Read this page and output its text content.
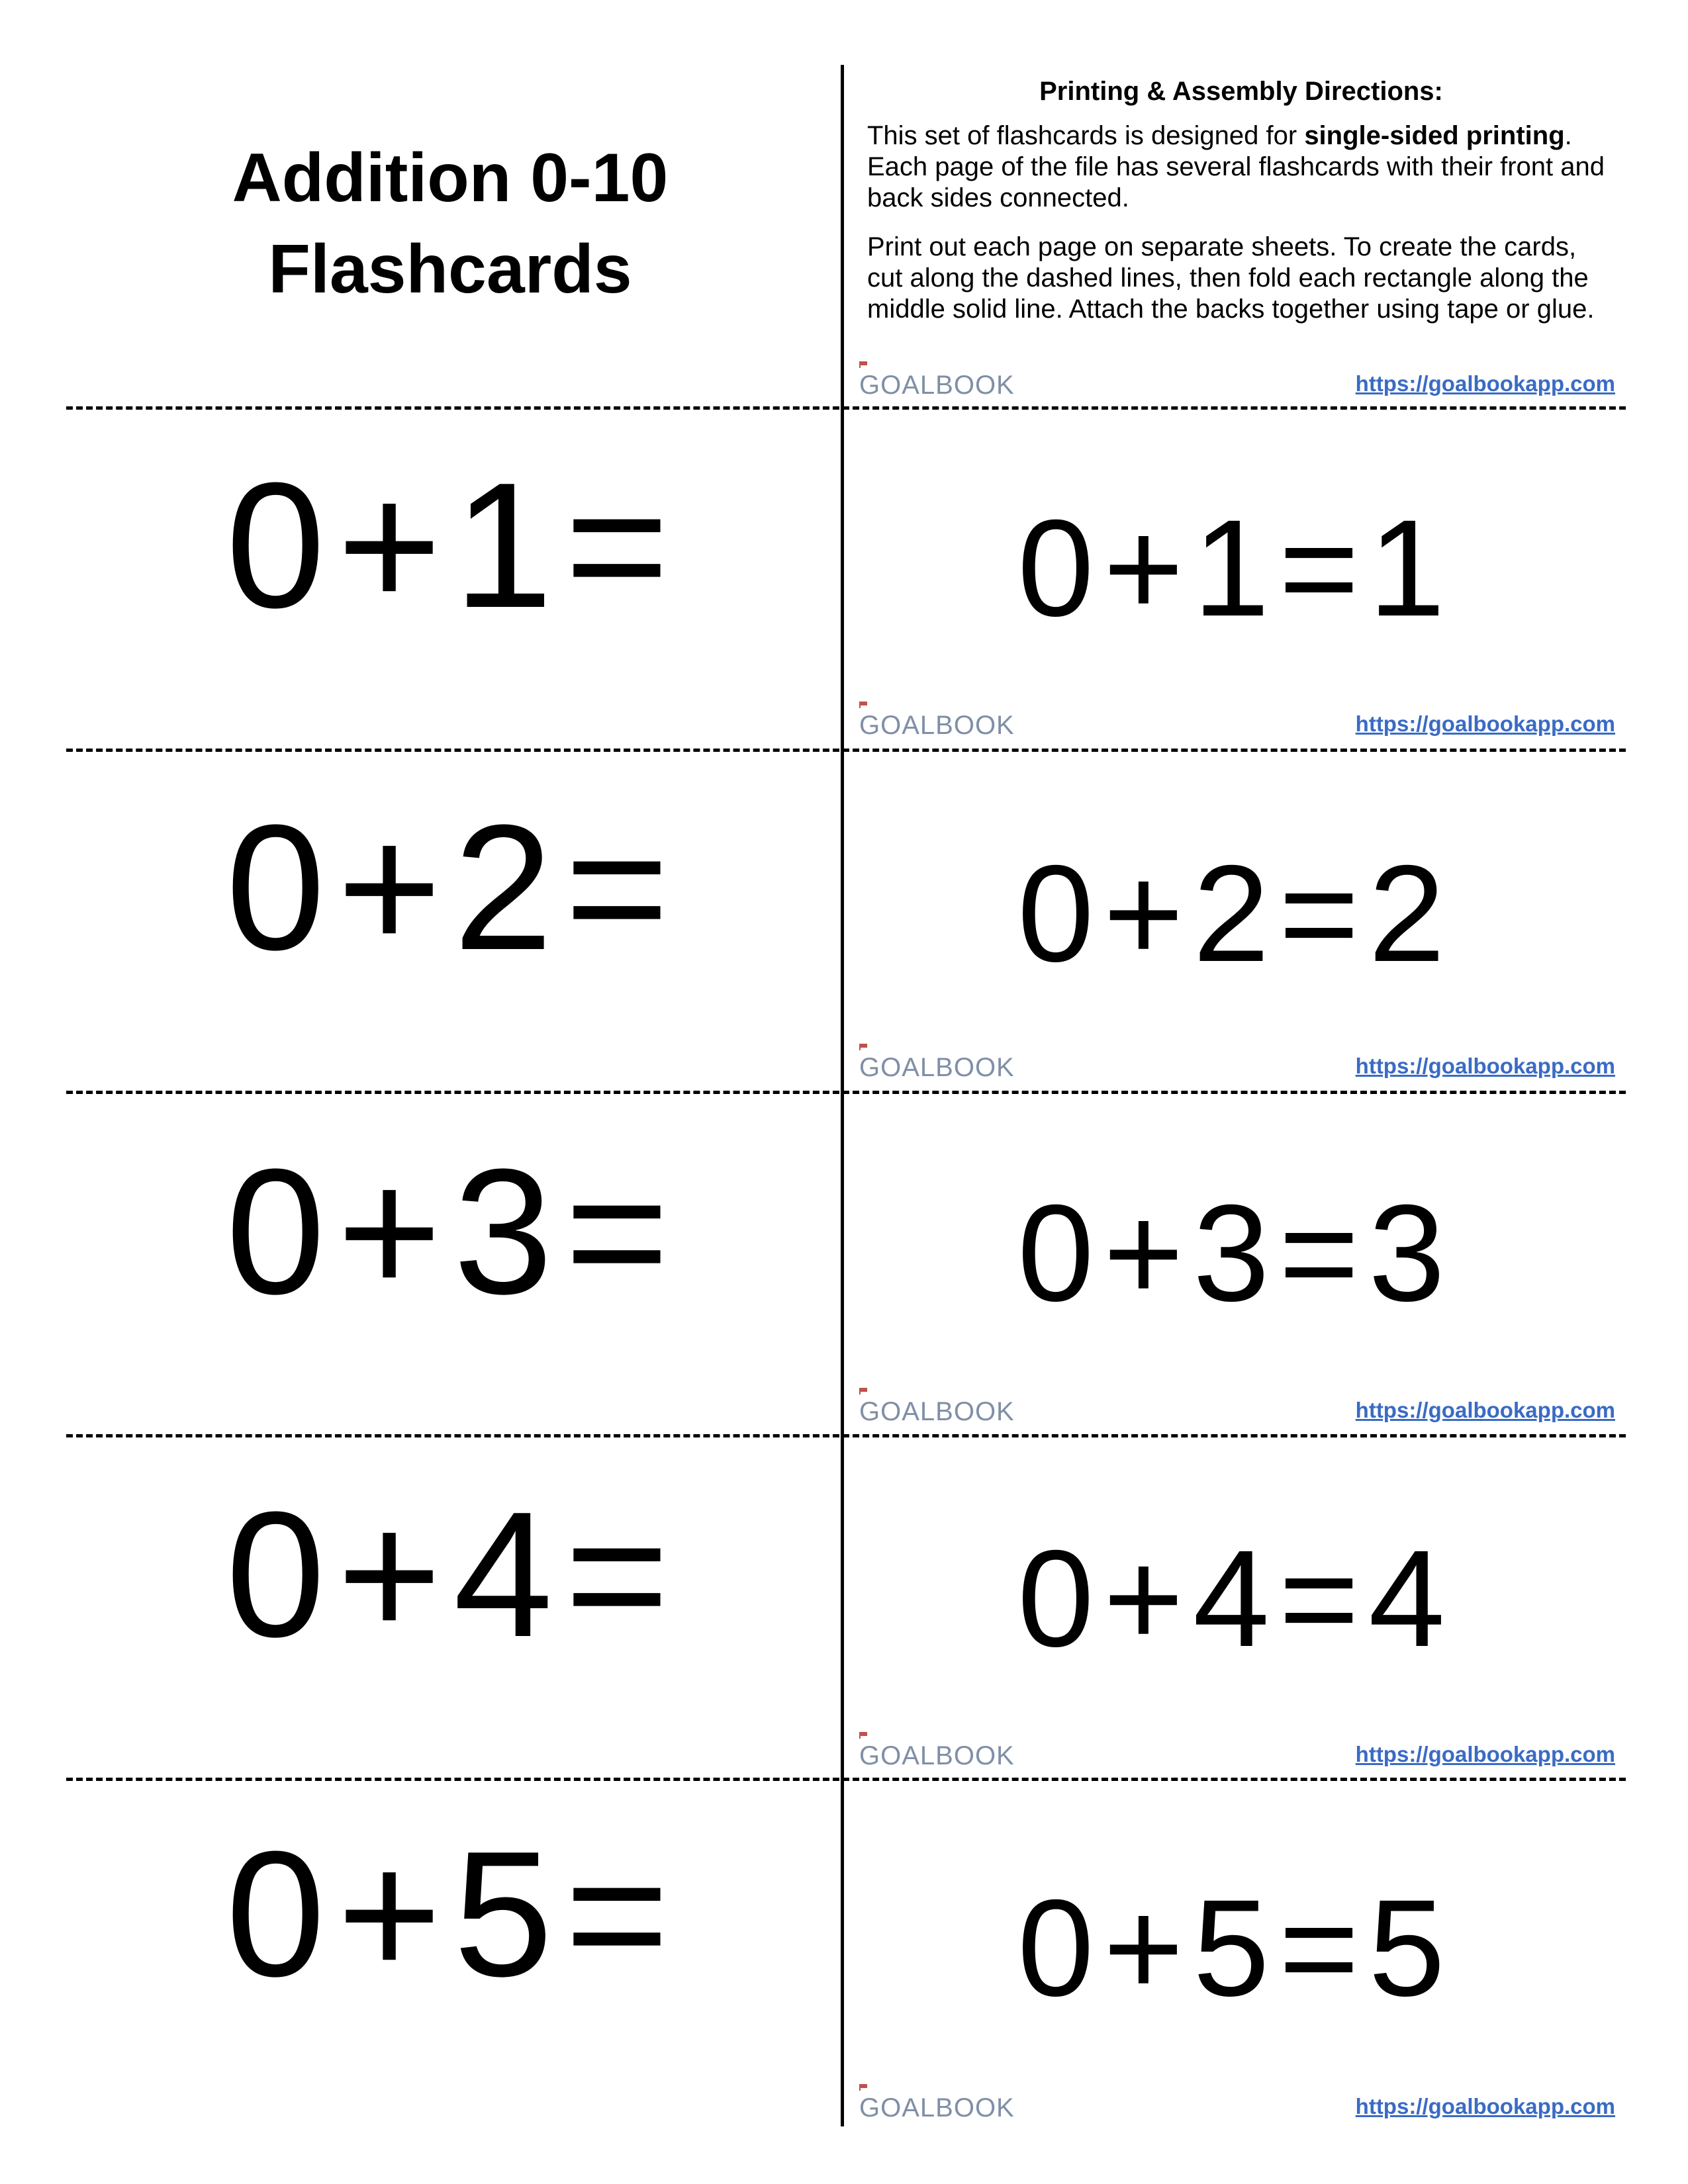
Addition 0-10
Flashcards
Printing & Assembly Directions:
This set of flashcards is designed for single-sided printing. Each page of the file has several flashcards with their front and back sides connected.
Print out each page on separate sheets. To create the cards, cut along the dashed lines, then fold each rectangle along the middle solid line. Attach the backs together using tape or glue.
GOALBOOK	https://goalbookapp.com
0+1=	0+1=1
GOALBOOK	https://goalbookapp.com
0+2=	0+2=2
GOALBOOK	https://goalbookapp.com
0+3=	0+3=3
GOALBOOK	https://goalbookapp.com
0+4=	0+4=4
GOALBOOK	https://goalbookapp.com
0+5=	0+5=5
GOALBOOK	https://goalbookapp.com
